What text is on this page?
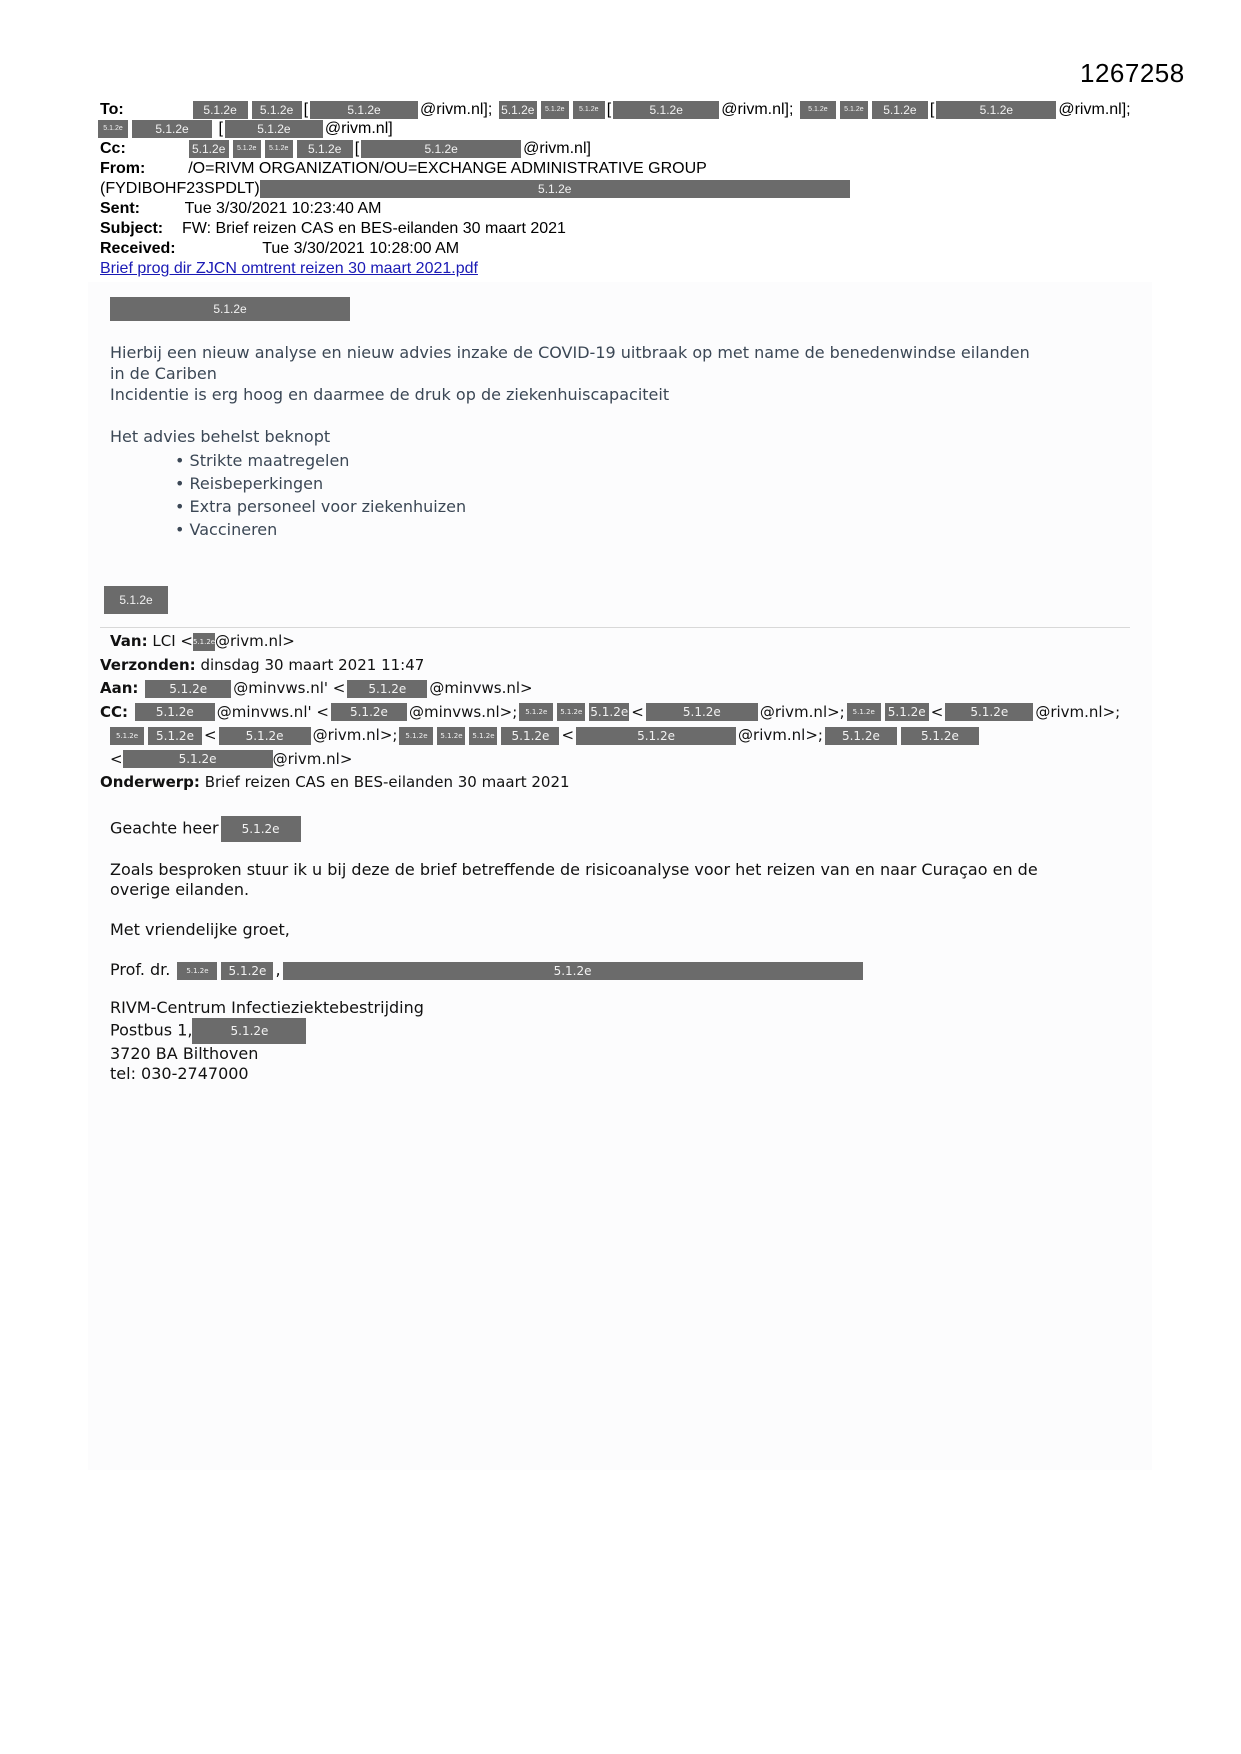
1267258
To:	5.1.2e 5.1.2e [	5.1.2e @rivm.nl]; 5.1.2e 5.1.2e 5.1.2e [	5.1.2e @rivm.nl]; 5.1.2e 5.1.2e 5.1.2e [	5.1.2e	@rivm.nl];
5.1.2e	5.1.2e [	5.1.2e @rivm.nl]
Cc:	5.1.2e 5.1.2e 5.1.2e 5.1.2e [	5.1.2e	@rivm.nl]
From:	/O=RIVM ORGANIZATION/OU=EXCHANGE ADMINISTRATIVE GROUP
(FYDIBOHF23SPDLT)	5.1.2e
Sent:	Tue 3/30/2021 10:23:40 AM
Subject: FW: Brief reizen CAS en BES-eilanden 30 maart 2021
Received:	Tue 3/30/2021 10:28:00 AM
Brief prog dir ZJCN omtrent reizen 30 maart 2021.pdf
5.1.2e
Hierbij een nieuw analyse en nieuw advies inzake de COVID-19 uitbraak op met name de benedenwindse eilanden
in de Cariben
Incidentie is erg hoog en daarmee de druk op de ziekenhuiscapaciteit
Het advies behelst beknopt
• Strikte maatregelen
• Reisbeperkingen
• Extra personeel voor ziekenhuizen
• Vaccineren
5.1.2e
Van: LCI <5.1.2e@rivm.nl>
Verzonden: dinsdag 30 maart 2021 11:47
Aan:	5.1.2e @minvws.nl' < 5.1.2e @minvws.nl>
CC: 5.1.2e @minvws.nl' < 5.1.2e @minvws.nl>; 5.1.2e 5.1.2e 5.1.2e <	5.1.2e	@rivm.nl>; 5.1.2e 5.1.2e < 5.1.2e @rivm.nl>;
5.1.2e 5.1.2e < 5.1.2e @rivm.nl>; 5.1.2e 5.1.2e 5.1.2e 5.1.2e <	5.1.2e	@rivm.nl>; 5.1.2e	5.1.2e
<	5.1.2e	@rivm.nl>
Onderwerp: Brief reizen CAS en BES-eilanden 30 maart 2021
Geachte heer 5.1.2e
Zoals besproken stuur ik u bij deze de brief betreffende de risicoanalyse voor het reizen van en naar Curaçao en de
overige eilanden.
Met vriendelijke groet,
Prof. dr. 5.1.2e 5.1.2e ,	5.1.2e
RIVM-Centrum Infectieziektebestrijding
Postbus 1,	5.1.2e
3720 BA Bilthoven
tel: 030-2747000
